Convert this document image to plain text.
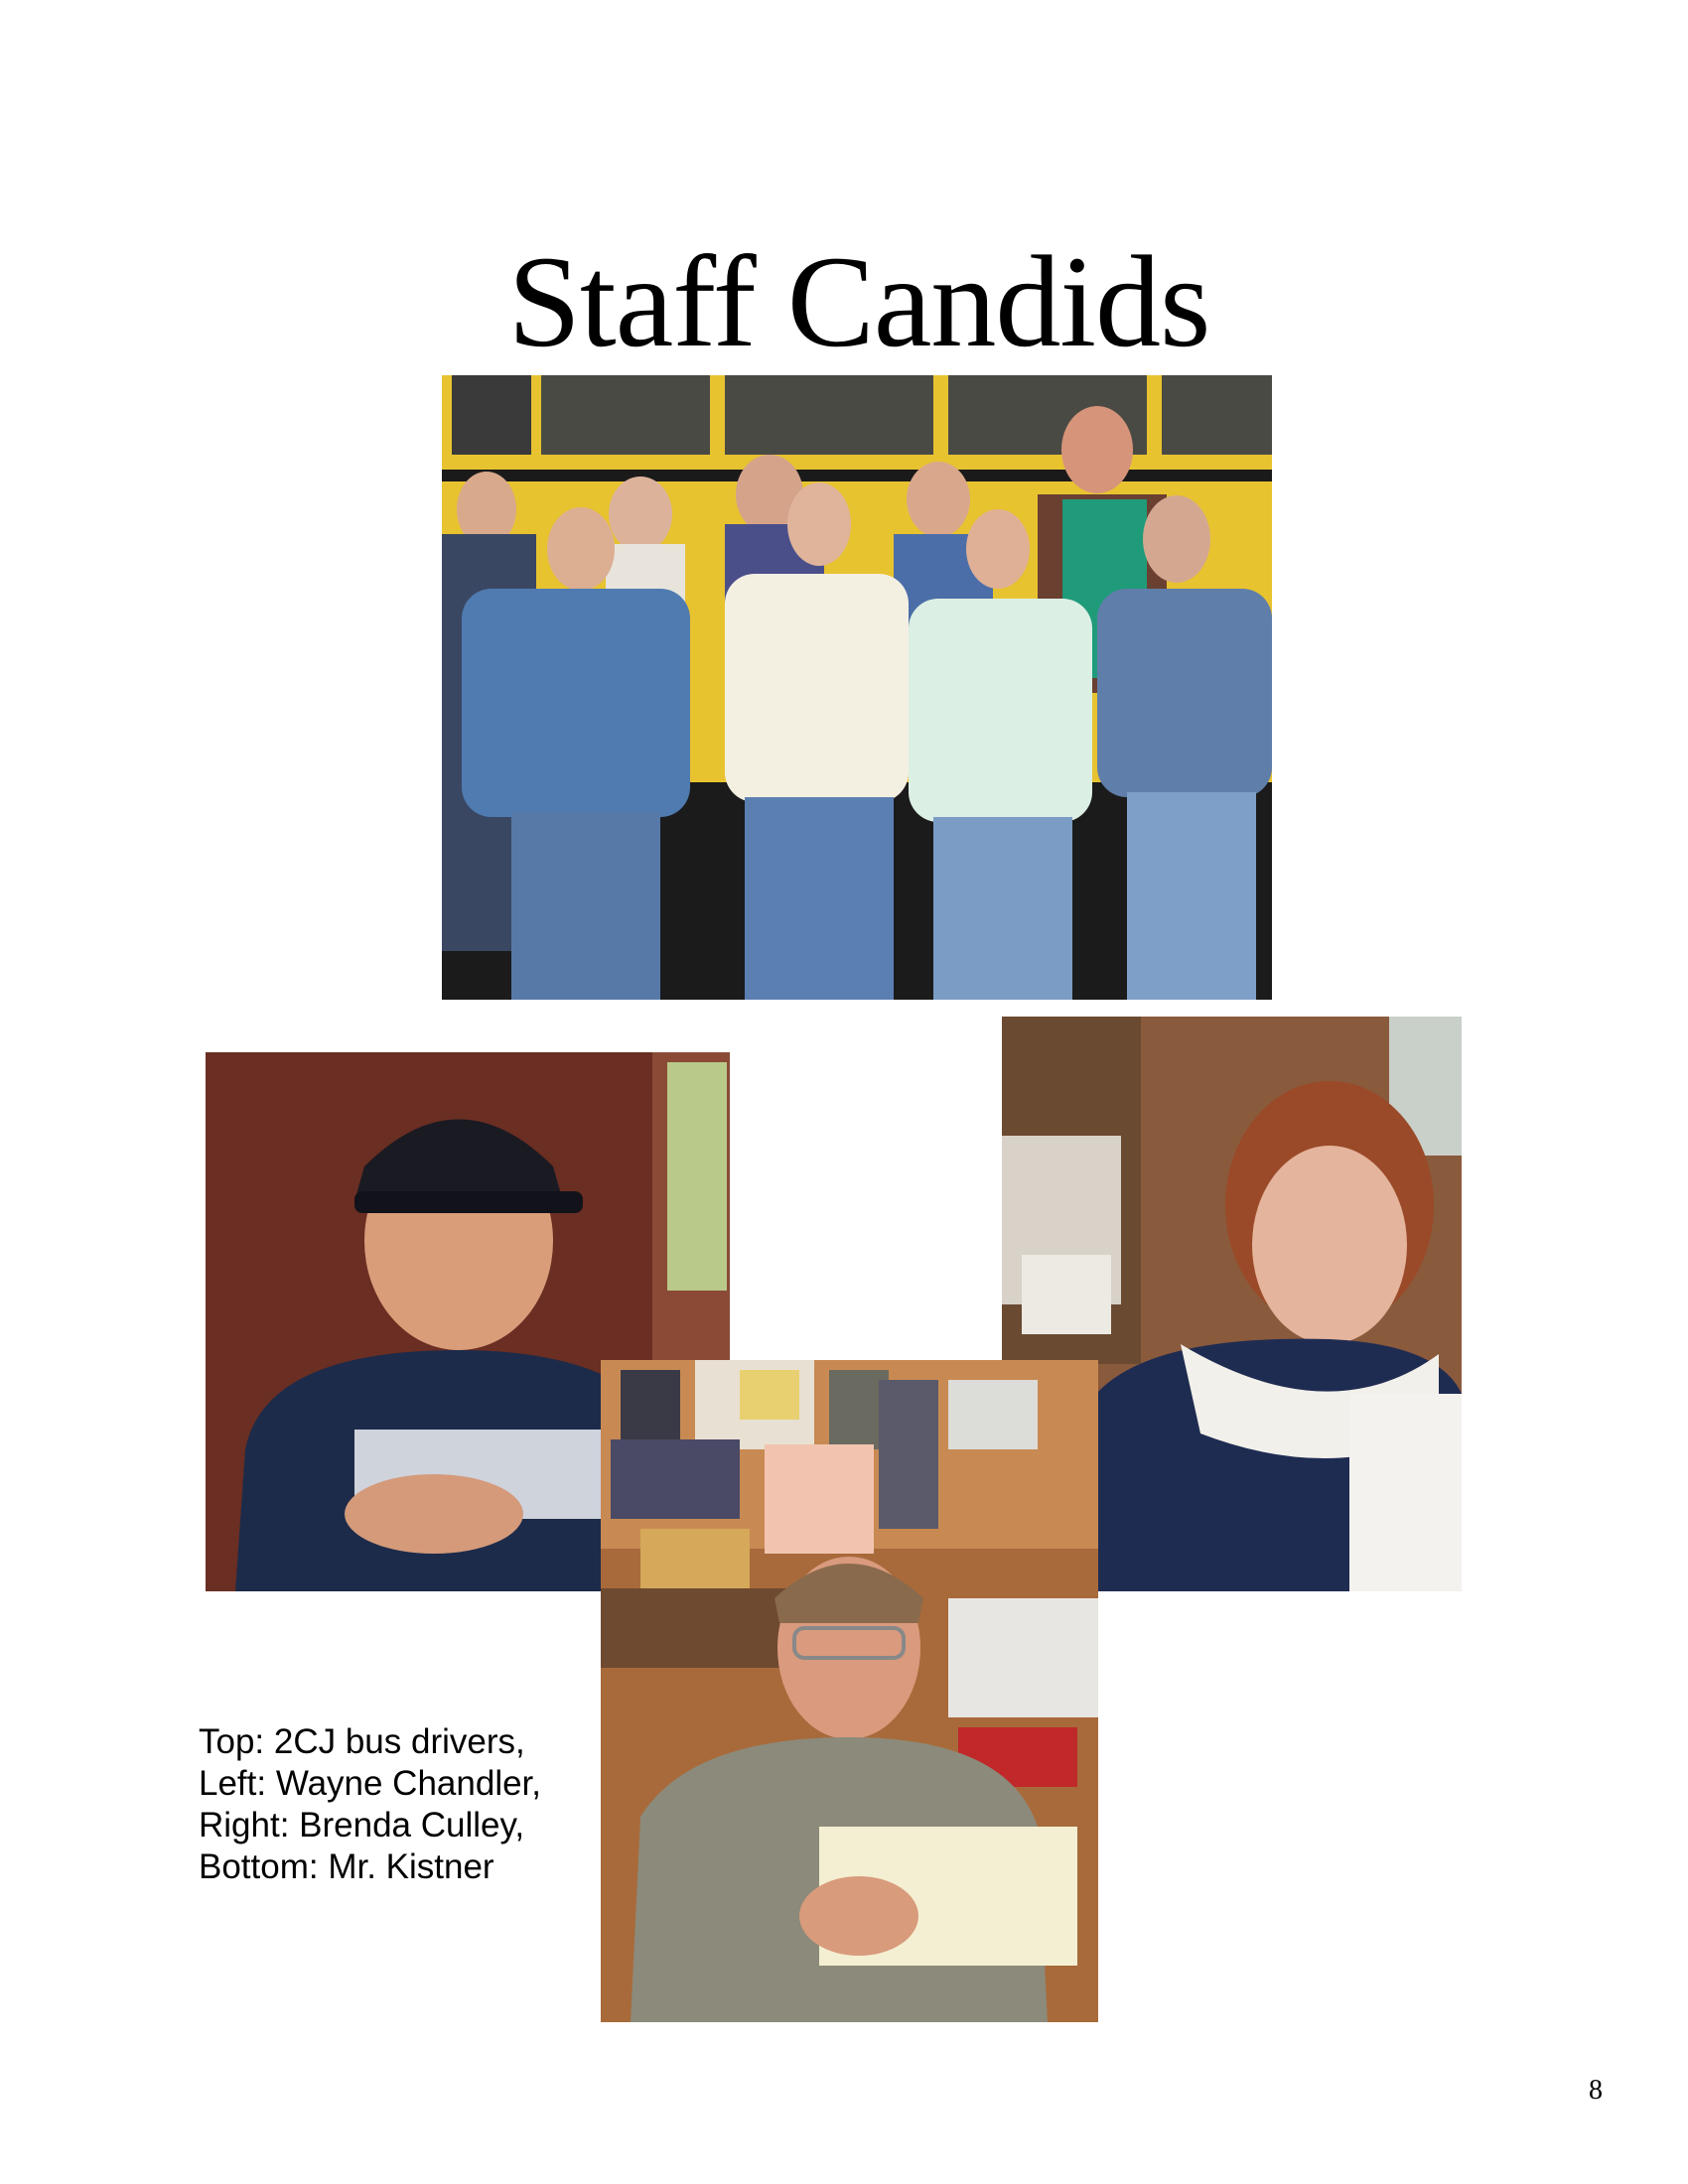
Staff Candids
Top: 2CJ bus drivers,
Left: Wayne Chandler,
Right: Brenda Culley,
Bottom: Mr. Kistner
8
